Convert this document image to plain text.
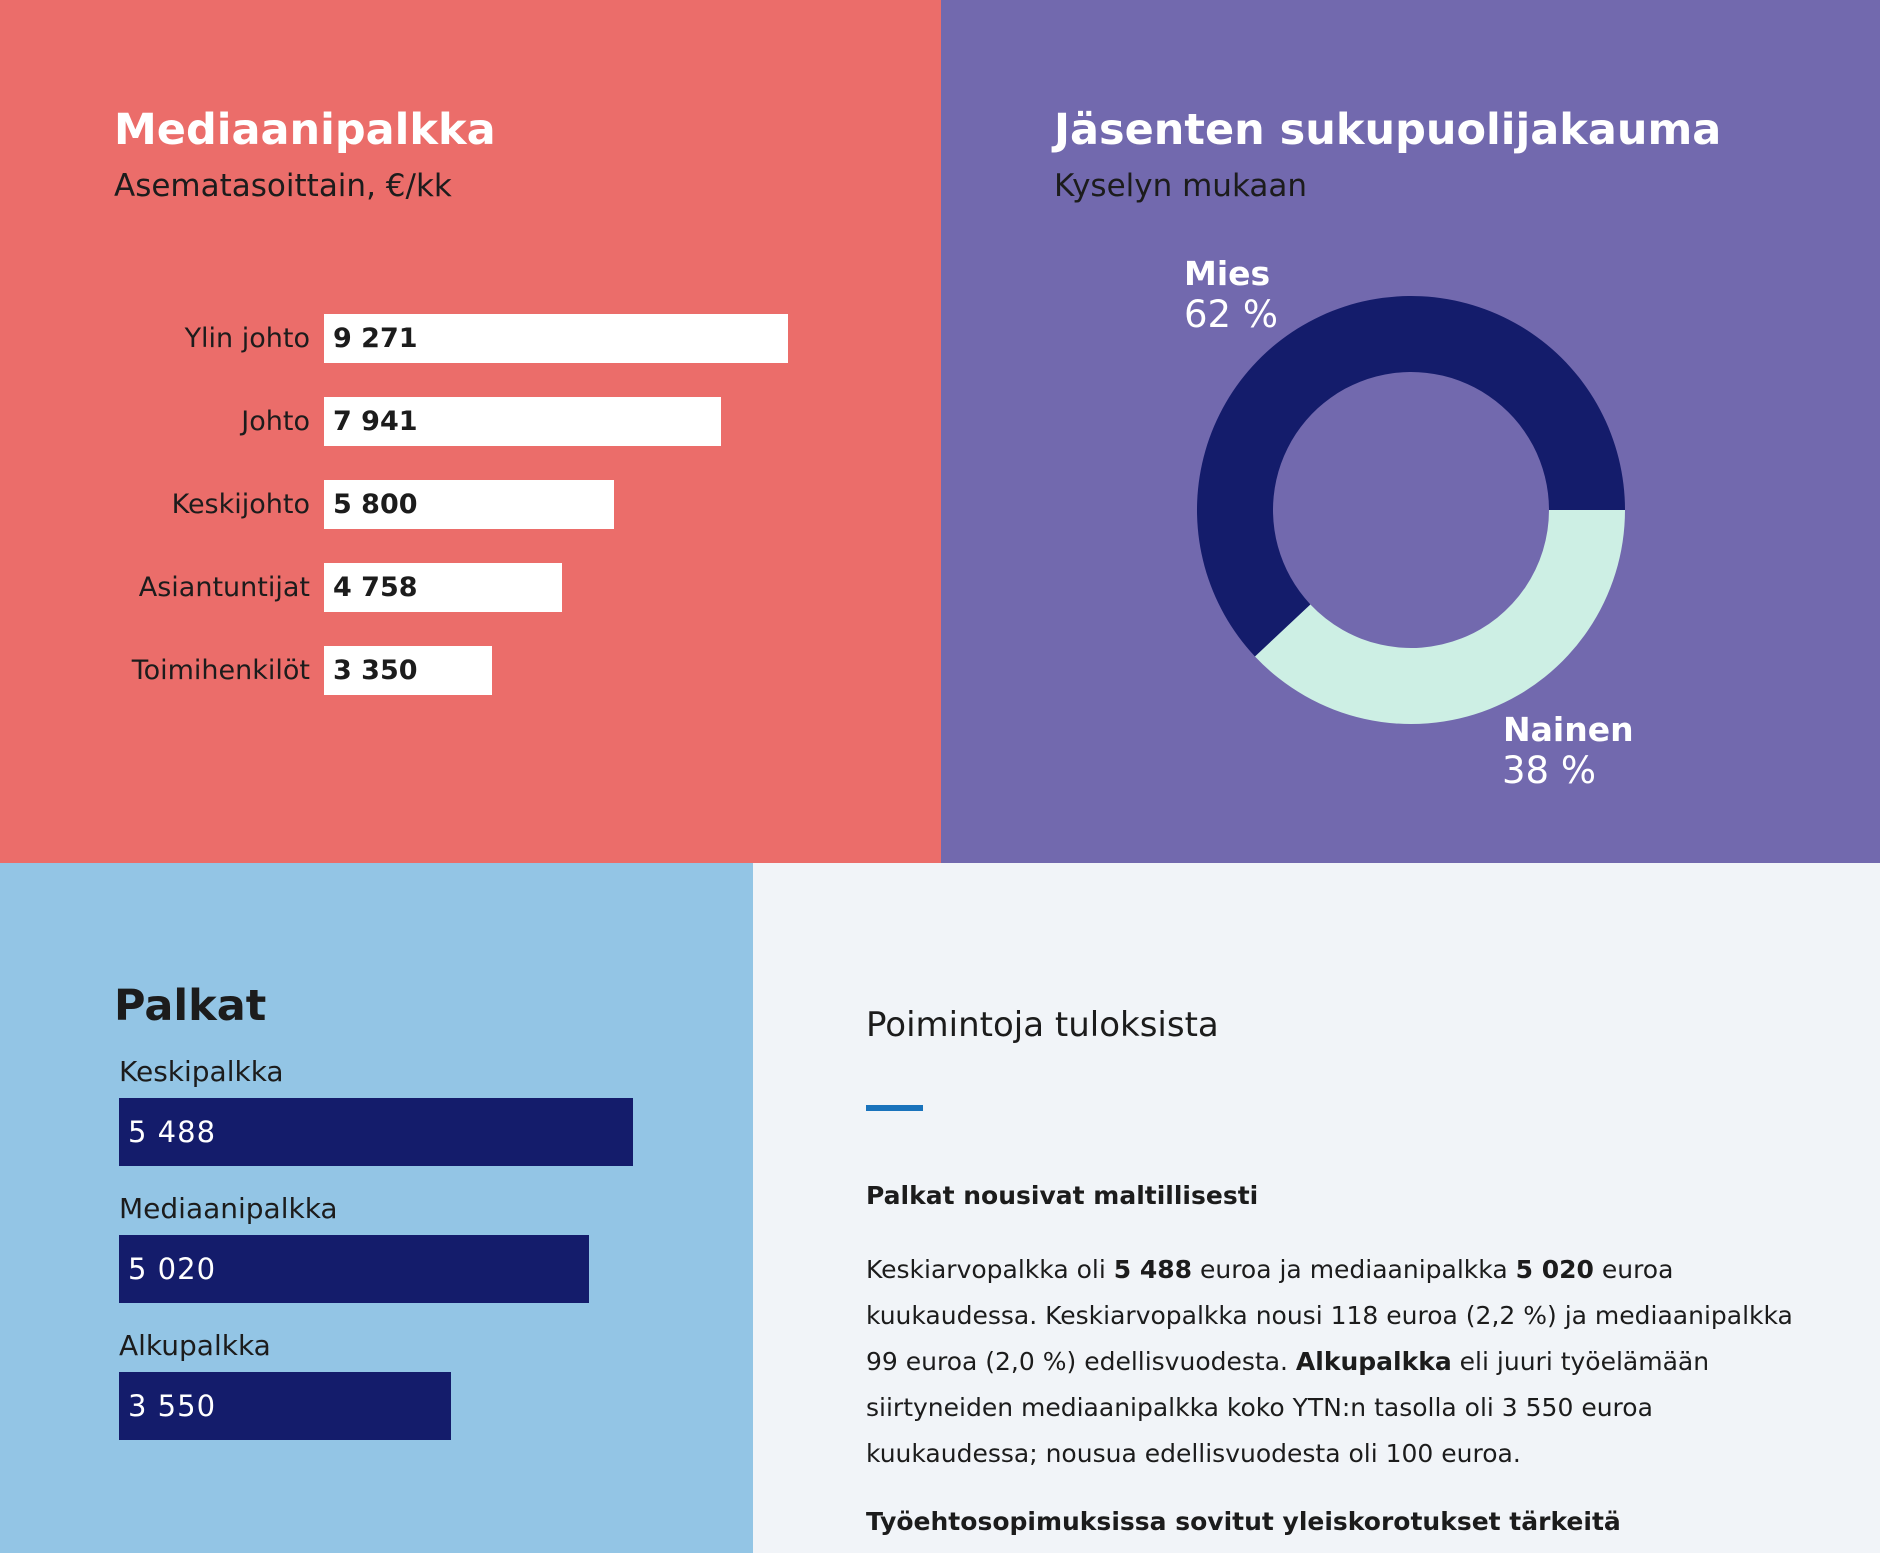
Mediaanipalkka

Asematasoittain, €/kk

Ylin johto 9 271
Johto 7 941
Keskijohto 5 800
Asiantuntijat 4 758
Toimihenkilöt 3 350
Jäsenten sukupuolijakauma

Kyselyn mukaan

Mies
62 %
Nainen
38 %
Palkat
Keskipalkka
5 488
Mediaanipalkka
5 020
Alkupalkka
3 550
Poimintoja tuloksista
Palkat nousivat maltillisesti

Keskiarvopalkka oli 5 488 euroa ja mediaanipalkka 5 020 euroa kuukaudessa. Keskiarvopalkka nousi 118 euroa (2,2 %) ja mediaanipalkka 99 euroa (2,0 %) edellisvuodesta. Alkupalkka eli juuri työelämään siirtyneiden mediaanipalkka koko YTN:n tasolla oli 3 550 euroa kuukaudessa; nousua edellisvuodesta oli 100 euroa.

Työehtosopimuksissa sovitut yleiskorotukset tärkeitä
